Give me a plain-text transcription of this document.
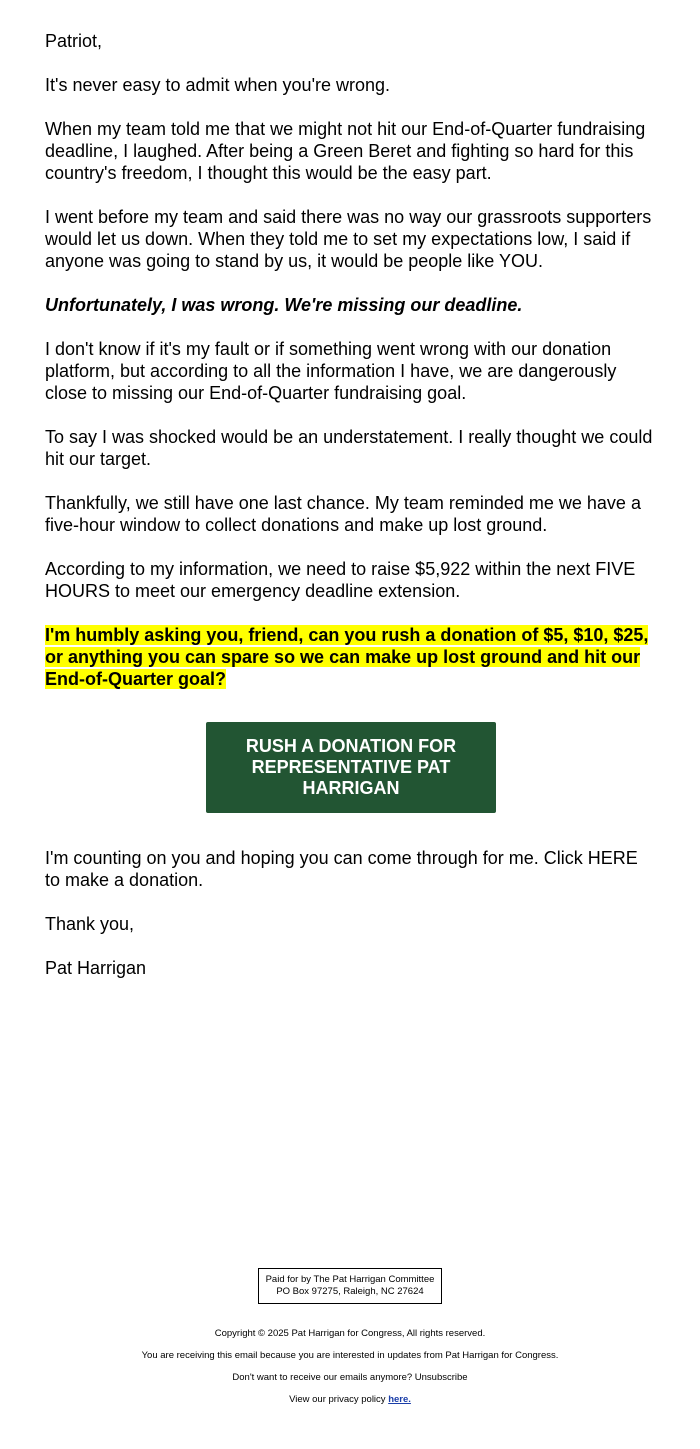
Patriot,

It's never easy to admit when you're wrong.

When my team told me that we might not hit our End-of-Quarter fundraising deadline, I laughed. After being a Green Beret and fighting so hard for this country's freedom, I thought this would be the easy part.

I went before my team and said there was no way our grassroots supporters would let us down. When they told me to set my expectations low, I said if anyone was going to stand by us, it would be people like YOU.

Unfortunately, I was wrong. We're missing our deadline.

I don't know if it's my fault or if something went wrong with our donation platform, but according to all the information I have, we are dangerously close to missing our End-of-Quarter fundraising goal.

To say I was shocked would be an understatement. I really thought we could hit our target.

Thankfully, we still have one last chance. My team reminded me we have a five-hour window to collect donations and make up lost ground.

According to my information, we need to raise $5,922 within the next FIVE HOURS to meet our emergency deadline extension.

I'm humbly asking you, friend, can you rush a donation of $5, $10, $25, or anything you can spare so we can make up lost ground and hit our End-of-Quarter goal?

RUSH A DONATION FOR REPRESENTATIVE PAT HARRIGAN

I'm counting on you and hoping you can come through for me. Click HERE to make a donation.

Thank you,

Pat Harrigan

Paid for by The Pat Harrigan Committee
PO Box 97275, Raleigh, NC 27624

Copyright © 2025 Pat Harrigan for Congress, All rights reserved.

You are receiving this email because you are interested in updates from Pat Harrigan for Congress.

Don't want to receive our emails anymore? Unsubscribe

View our privacy policy here.
